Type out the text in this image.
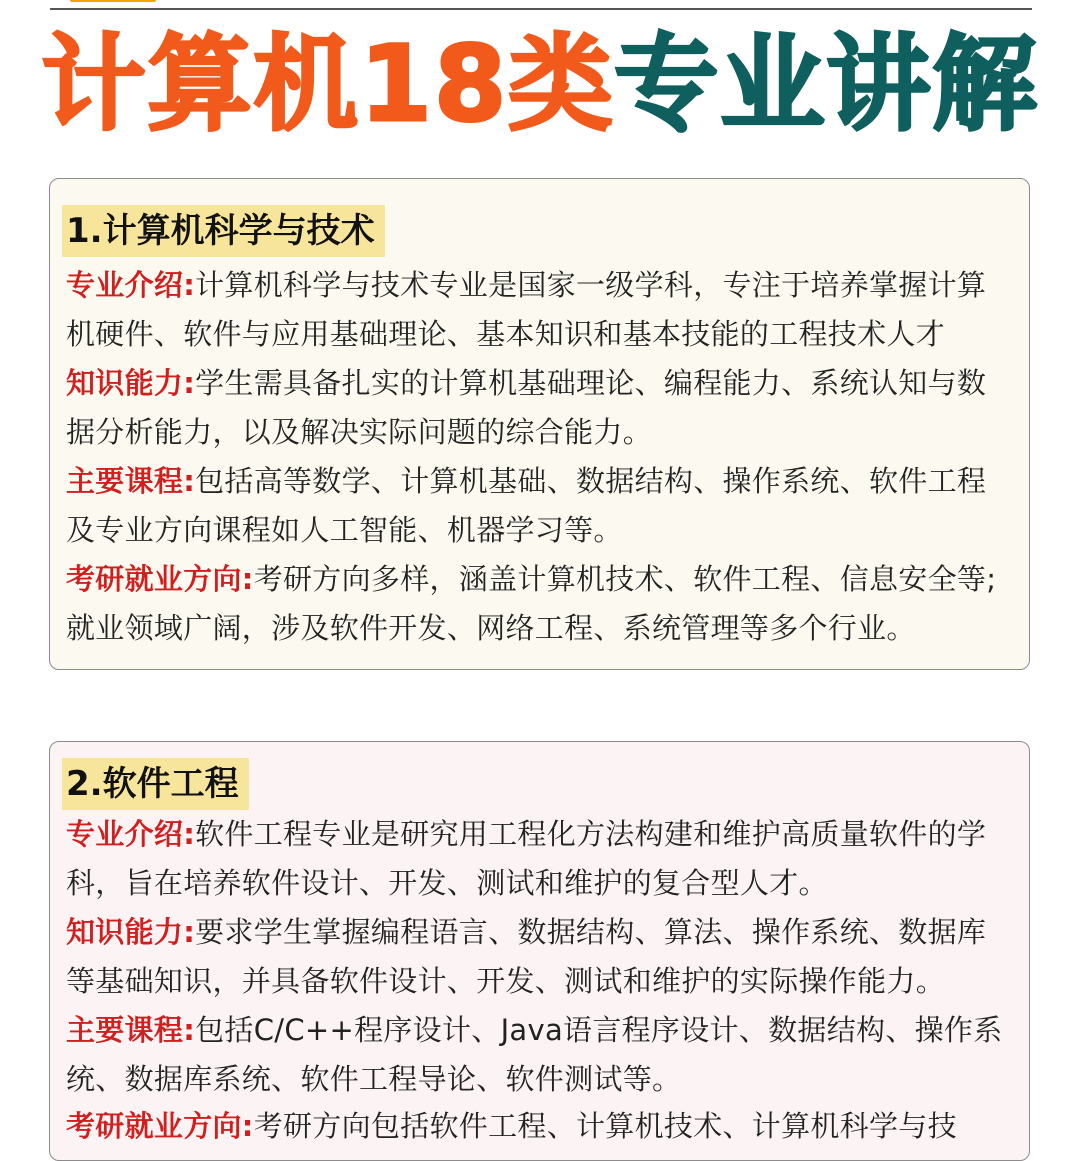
计算机18类专业讲解
1.计算机科学与技术

专业介绍:计算机科学与技术专业是国家一级学科，专注于培养掌握计算机硬件、软件与应用基础理论、基本知识和基本技能的工程技术人才

知识能力:学生需具备扎实的计算机基础理论、编程能力、系统认知与数据分析能力，以及解决实际问题的综合能力。

主要课程:包括高等数学、计算机基础、数据结构、操作系统、软件工程及专业方向课程如人工智能、机器学习等。

考研就业方向:考研方向多样，涵盖计算机技术、软件工程、信息安全等;就业领域广阔，涉及软件开发、网络工程、系统管理等多个行业。

2.软件工程

专业介绍:软件工程专业是研究用工程化方法构建和维护高质量软件的学科，旨在培养软件设计、开发、测试和维护的复合型人才。

知识能力:要求学生掌握编程语言、数据结构、算法、操作系统、数据库等基础知识，并具备软件设计、开发、测试和维护的实际操作能力。

主要课程:包括C/C++程序设计、Java语言程序设计、数据结构、操作系统、数据库系统、软件工程导论、软件测试等。

考研就业方向:考研方向包括软件工程、计算机技术、计算机科学与技
